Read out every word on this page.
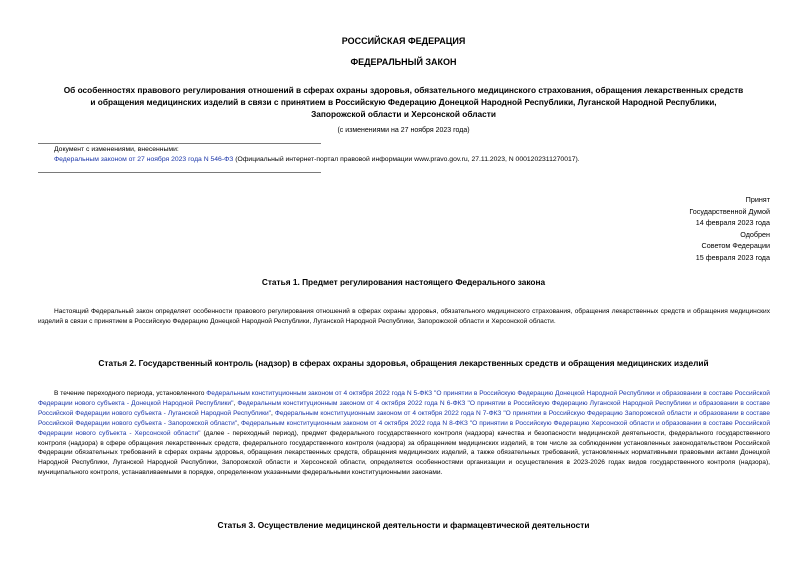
РОССИЙСКАЯ ФЕДЕРАЦИЯ
ФЕДЕРАЛЬНЫЙ ЗАКОН
Об особенностях правового регулирования отношений в сферах охраны здоровья, обязательного медицинского страхования, обращения лекарственных средств
и обращения медицинских изделий в связи с принятием в Российскую Федерацию Донецкой Народной Республики, Луганской Народной Республики,
Запорожской области и Херсонской области
(с изменениями на 27 ноября 2023 года)
Документ с изменениями, внесенными:
Федеральным законом от 27 ноября 2023 года N 546-ФЗ (Официальный интернет-портал правовой информации www.pravo.gov.ru, 27.11.2023, N 0001202311270017).
Принят
Государственной Думой
14 февраля 2023 года
Одобрен
Советом Федерации
15 февраля 2023 года
Статья 1. Предмет регулирования настоящего Федерального закона
Настоящий Федеральный закон определяет особенности правового регулирования отношений в сферах охраны здоровья, обязательного медицинского страхования, обращения лекарственных средств и обращения медицинских изделий в связи с принятием в Российскую Федерацию Донецкой Народной Республики, Луганской Народной Республики, Запорожской области и Херсонской области.
Статья 2. Государственный контроль (надзор) в сферах охраны здоровья, обращения лекарственных средств и обращения медицинских изделий
В течение переходного периода, установленного Федеральным конституционным законом от 4 октября 2022 года N 5-ФКЗ "О принятии в Российскую Федерацию Донецкой Народной Республики и образовании в составе Российской Федерации нового субъекта - Донецкой Народной Республики", Федеральным конституционным законом от 4 октября 2022 года N 6-ФКЗ "О принятии в Российскую Федерацию Луганской Народной Республики и образовании в составе Российской Федерации нового субъекта - Луганской Народной Республики", Федеральным конституционным законом от 4 октября 2022 года N 7-ФКЗ "О принятии в Российскую Федерацию Запорожской области и образовании в составе Российской Федерации нового субъекта - Запорожской области", Федеральным конституционным законом от 4 октября 2022 года N 8-ФКЗ "О принятии в Российскую Федерацию Херсонской области и образовании в составе Российской Федерации нового субъекта - Херсонской области" (далее - переходный период), предмет федерального государственного контроля (надзора) качества и безопасности медицинской деятельности, федерального государственного контроля (надзора) в сфере обращения лекарственных средств, федерального государственного контроля (надзора) за обращением медицинских изделий, в том числе за соблюдением установленных законодательством Российской Федерации обязательных требований в сферах охраны здоровья, обращения лекарственных средств, обращения медицинских изделий, а также обязательных требований, установленных нормативными правовыми актами Донецкой Народной Республики, Луганской Народной Республики, Запорожской области и Херсонской области, определяется особенностями организации и осуществления в 2023-2026 годах видов государственного контроля (надзора), муниципального контроля, устанавливаемыми в порядке, определенном указанными федеральными конституционными законами.
Статья 3. Осуществление медицинской деятельности и фармацевтической деятельности
